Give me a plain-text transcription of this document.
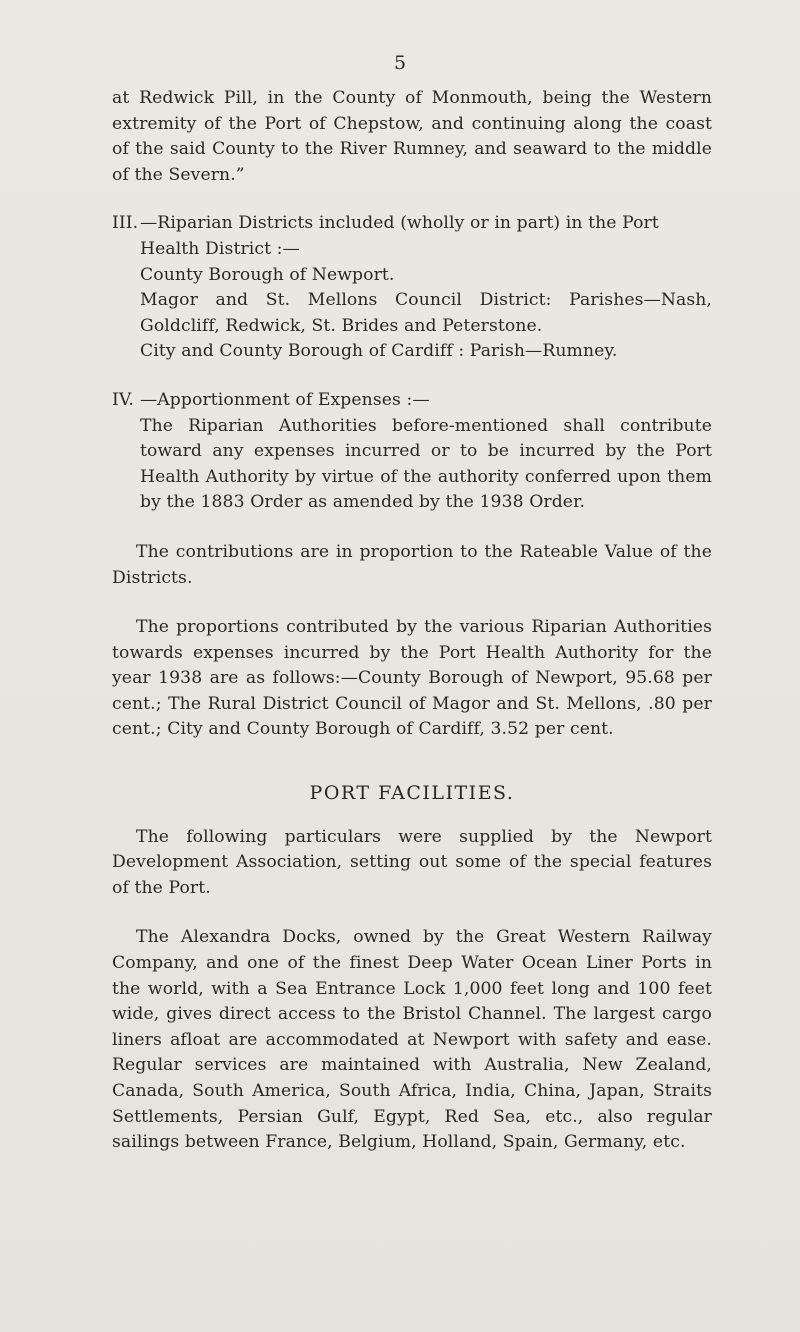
5

at Redwick Pill, in the County of Monmouth, being the Western extremity of the Port of Chepstow, and continuing along the coast of the said County to the River Rumney, and seaward to the middle of the Severn.”

III. —Riparian Districts included (wholly or in part) in the Port Health District :—

County Borough of Newport.

Magor and St. Mellons Council District: Parishes—Nash, Goldcliff, Redwick, St. Brides and Peterstone.

City and County Borough of Cardiff : Parish—Rumney.

IV. —Apportionment of Expenses :—

The Riparian Authorities before-mentioned shall contribute toward any expenses incurred or to be incurred by the Port Health Authority by virtue of the authority conferred upon them by the 1883 Order as amended by the 1938 Order.

The contributions are in proportion to the Rateable Value of the Districts.

The proportions contributed by the various Riparian Authorities towards expenses incurred by the Port Health Authority for the year 1938 are as follows:—County Borough of Newport, 95.68 per cent.; The Rural District Council of Magor and St. Mellons, .80 per cent.; City and County Borough of Cardiff, 3.52 per cent.

PORT FACILITIES.

The following particulars were supplied by the Newport Development Association, setting out some of the special features of the Port.

The Alexandra Docks, owned by the Great Western Railway Company, and one of the finest Deep Water Ocean Liner Ports in the world, with a Sea Entrance Lock 1,000 feet long and 100 feet wide, gives direct access to the Bristol Channel. The largest cargo liners afloat are accommodated at Newport with safety and ease. Regular services are maintained with Australia, New Zealand, Canada, South America, South Africa, India, China, Japan, Straits Settlements, Persian Gulf, Egypt, Red Sea, etc., also regular sailings between France, Belgium, Holland, Spain, Germany, etc.
